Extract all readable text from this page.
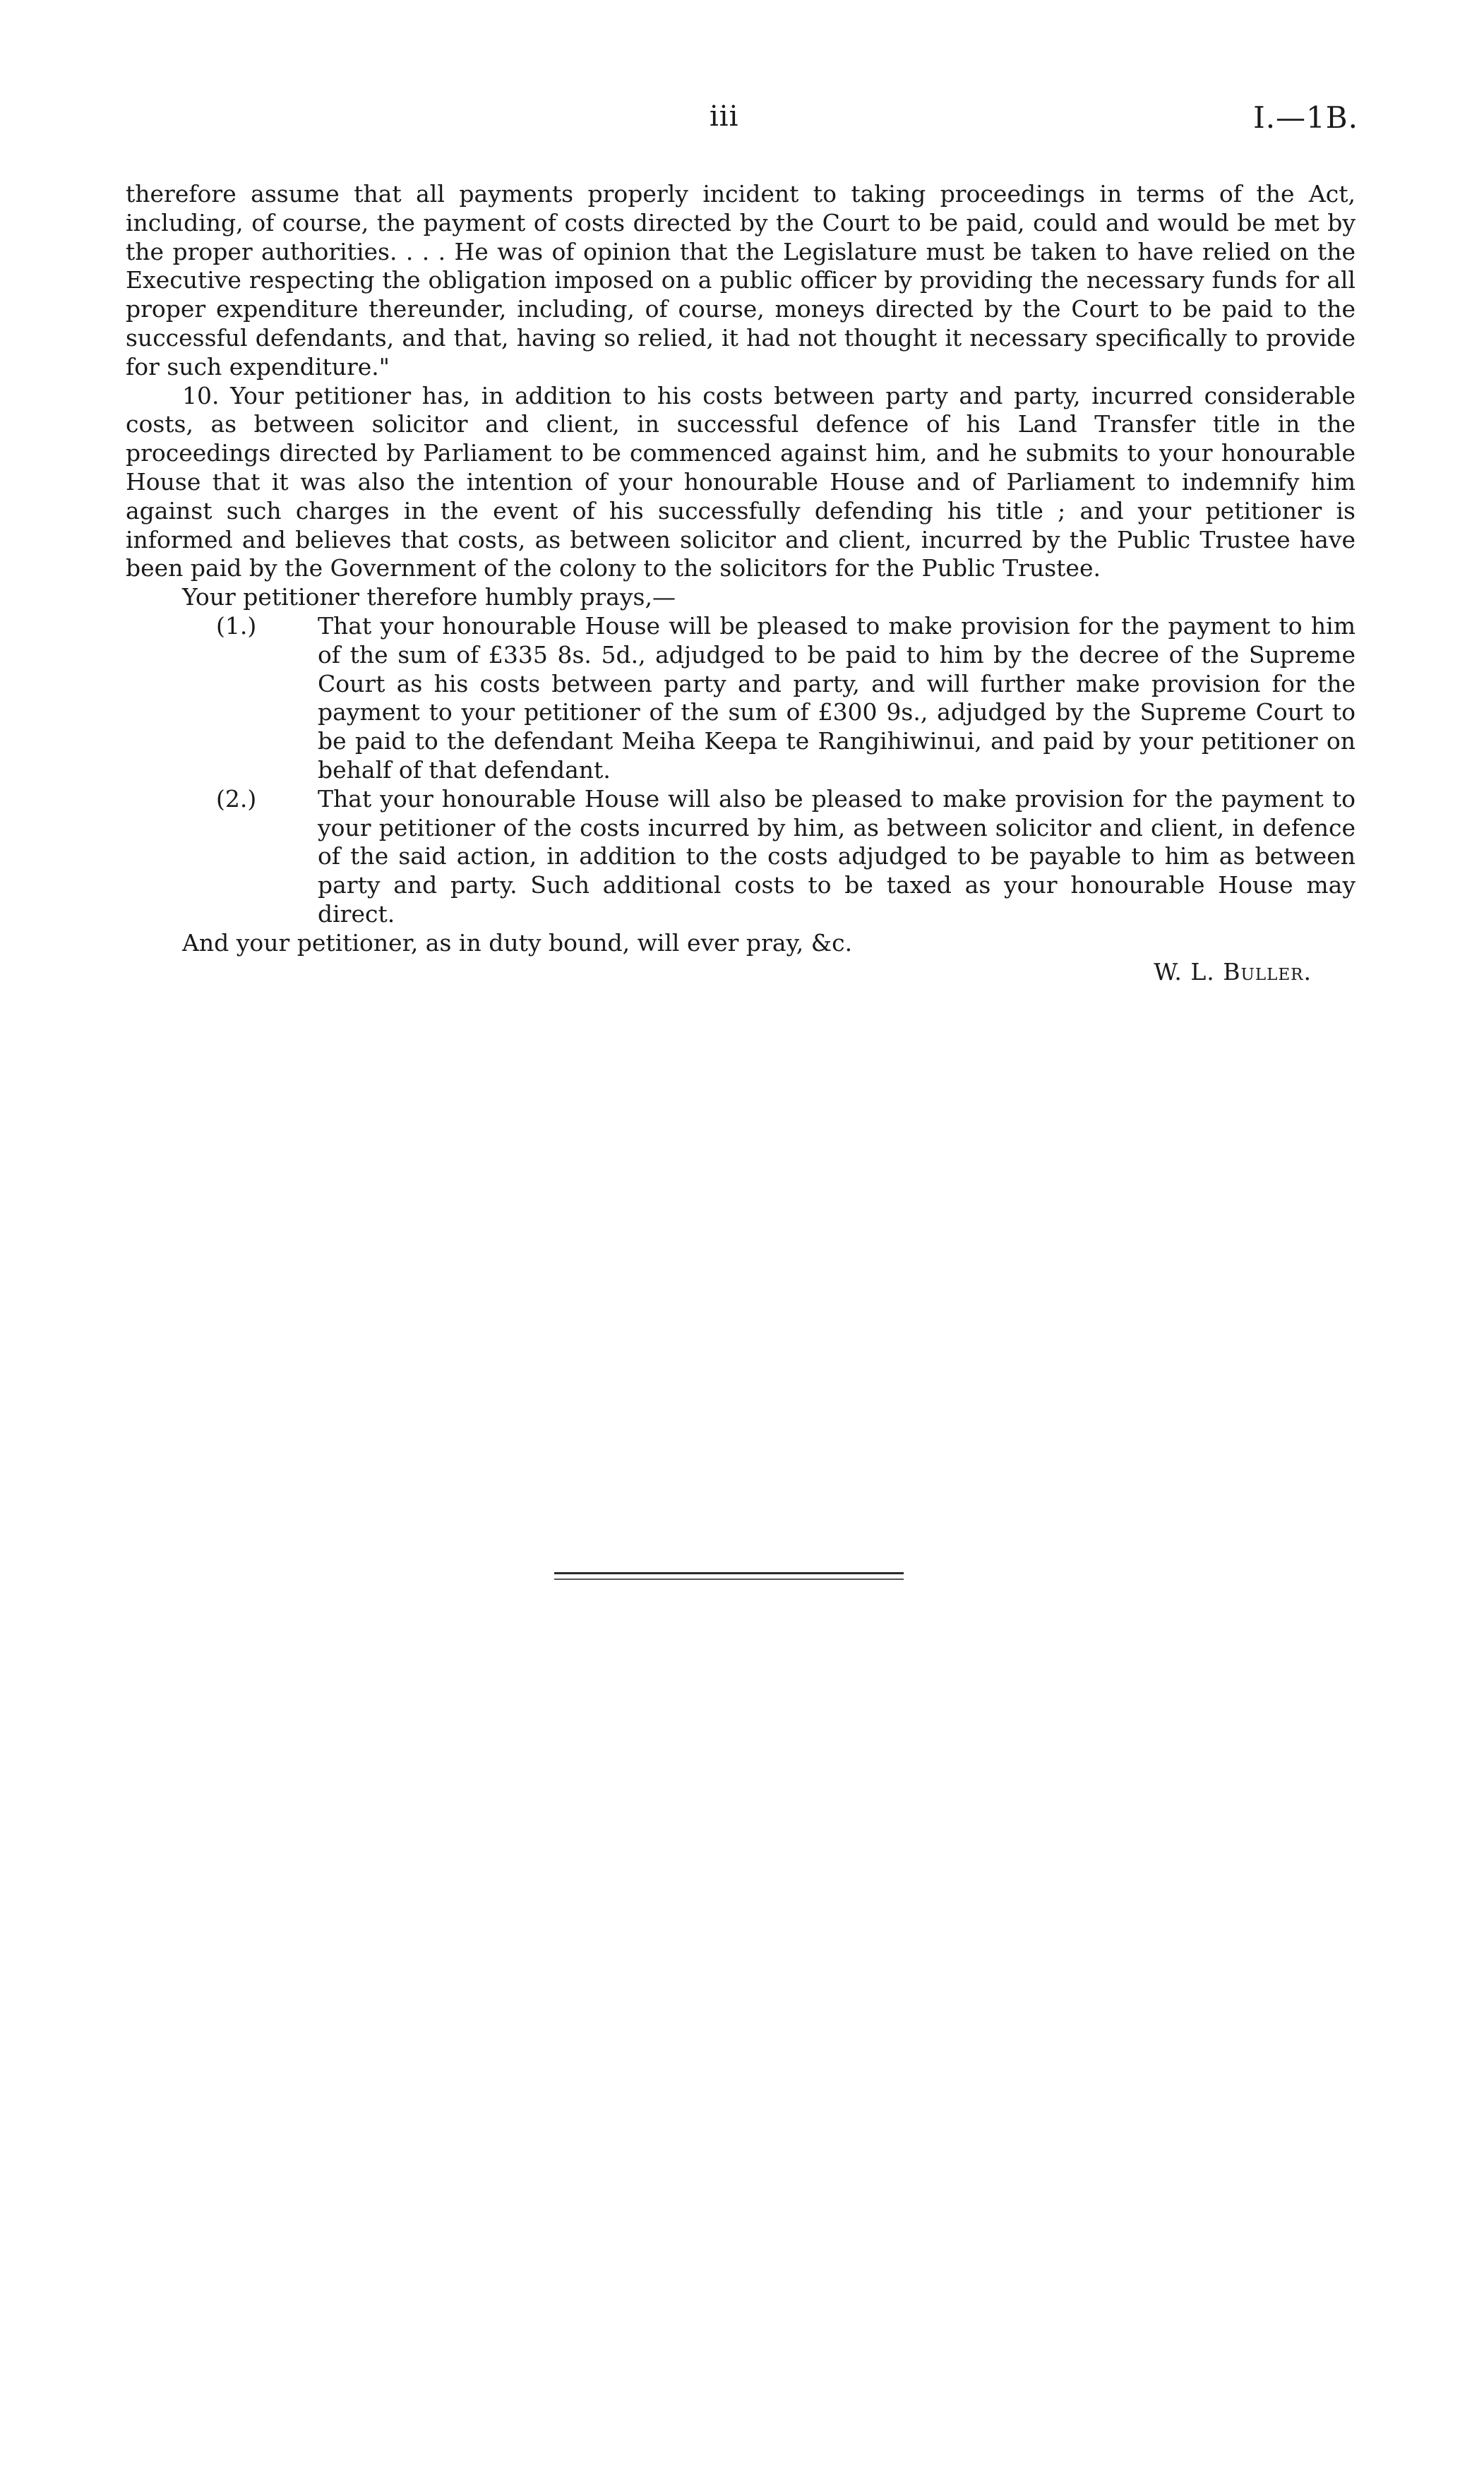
iii	I.—1B.

therefore assume that all payments properly incident to taking proceedings in terms of the Act, including, of course, the payment of costs directed by the Court to be paid, could and would be met by the proper authorities. . . . He was of opinion that the Legislature must be taken to have relied on the Executive respecting the obligation imposed on a public officer by providing the necessary funds for all proper expenditure thereunder, including, of course, moneys directed by the Court to be paid to the successful defendants, and that, having so relied, it had not thought it necessary specifically to provide for such expenditure."

10. Your petitioner has, in addition to his costs between party and party, incurred considerable costs, as between solicitor and client, in successful defence of his Land Transfer title in the proceedings directed by Parliament to be commenced against him, and he submits to your honourable House that it was also the intention of your honourable House and of Parliament to indemnify him against such charges in the event of his successfully defending his title ; and your petitioner is informed and believes that costs, as between solicitor and client, incurred by the Public Trustee have been paid by the Government of the colony to the solicitors for the Public Trustee.

Your petitioner therefore humbly prays,—

(1.)	That your honourable House will be pleased to make provision for the payment to him of the sum of £335 8s. 5d., adjudged to be paid to him by the decree of the Supreme Court as his costs between party and party, and will further make provision for the payment to your petitioner of the sum of £300 9s., adjudged by the Supreme Court to be paid to the defendant Meiha Keepa te Rangihiwinui, and paid by your petitioner on behalf of that defendant.
(2.)	That your honourable House will also be pleased to make provision for the payment to your petitioner of the costs incurred by him, as between solicitor and client, in defence of the said action, in addition to the costs adjudged to be payable to him as between party and party. Such additional costs to be taxed as your honourable House may direct.

And your petitioner, as in duty bound, will ever pray, &c.

W. L. Buller.
